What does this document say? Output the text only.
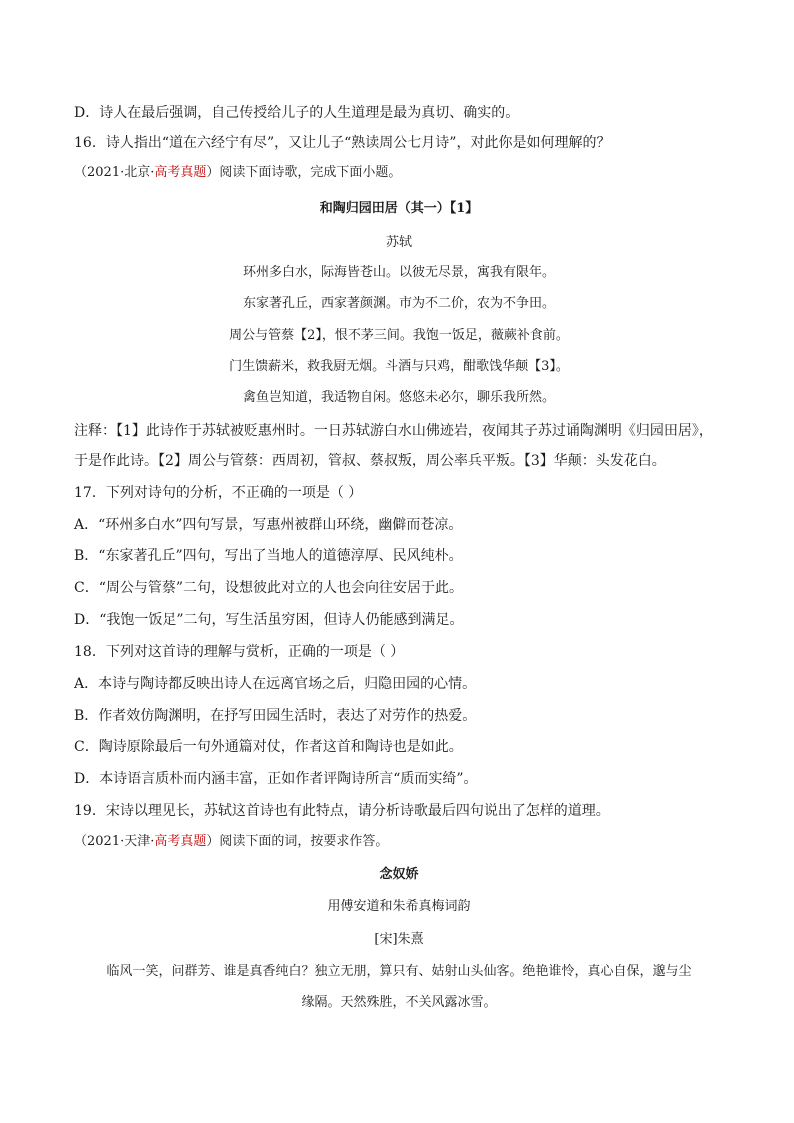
D．诗人在最后强调，自己传授给儿子的人生道理是最为真切、确实的。
16．诗人指出“道在六经宁有尽”，又让儿子“熟读周公七月诗”，对此你是如何理解的？
（2021·北京·高考真题）阅读下面诗歌，完成下面小题。
和陶归园田居（其一）【1】
苏轼
环州多白水，际海皆苍山。以彼无尽景，寓我有限年。
东家著孔丘，西家著颜渊。市为不二价，农为不争田。
周公与管蔡【2】，恨不茅三间。我饱一饭足，薇蕨补食前。
门生馈薪米，救我厨无烟。斗酒与只鸡，酣歌饯华颠【3】。
禽鱼岂知道，我适物自闲。悠悠未必尔，聊乐我所然。
注释：【1】此诗作于苏轼被贬惠州时。一日苏轼游白水山佛迹岩，夜闻其子苏过诵陶渊明《归园田居》，
于是作此诗。【2】周公与管蔡：西周初，管叔、蔡叔叛，周公率兵平叛。【3】华颠：头发花白。
17．下列对诗句的分析，不正确的一项是（ ）
A．“环州多白水”四句写景，写惠州被群山环绕，幽僻而苍凉。
B．“东家著孔丘”四句，写出了当地人的道德淳厚、民风纯朴。
C．“周公与管蔡”二句，设想彼此对立的人也会向往安居于此。
D．“我饱一饭足”二句，写生活虽穷困，但诗人仍能感到满足。
18．下列对这首诗的理解与赏析，正确的一项是（ ）
A．本诗与陶诗都反映出诗人在远离官场之后，归隐田园的心情。
B．作者效仿陶渊明，在抒写田园生活时，表达了对劳作的热爱。
C．陶诗原除最后一句外通篇对仗，作者这首和陶诗也是如此。
D．本诗语言质朴而内涵丰富，正如作者评陶诗所言“质而实绮”。
19．宋诗以理见长，苏轼这首诗也有此特点，请分析诗歌最后四句说出了怎样的道理。
（2021·天津·高考真题）阅读下面的词，按要求作答。
念奴娇
用傅安道和朱希真梅词韵
[宋]朱熹
临风一笑，问群芳、谁是真香纯白？独立无朋，算只有、姑射山头仙客。绝艳谁怜，真心自保，邈与尘
缘隔。天然殊胜，不关风露冰雪。
